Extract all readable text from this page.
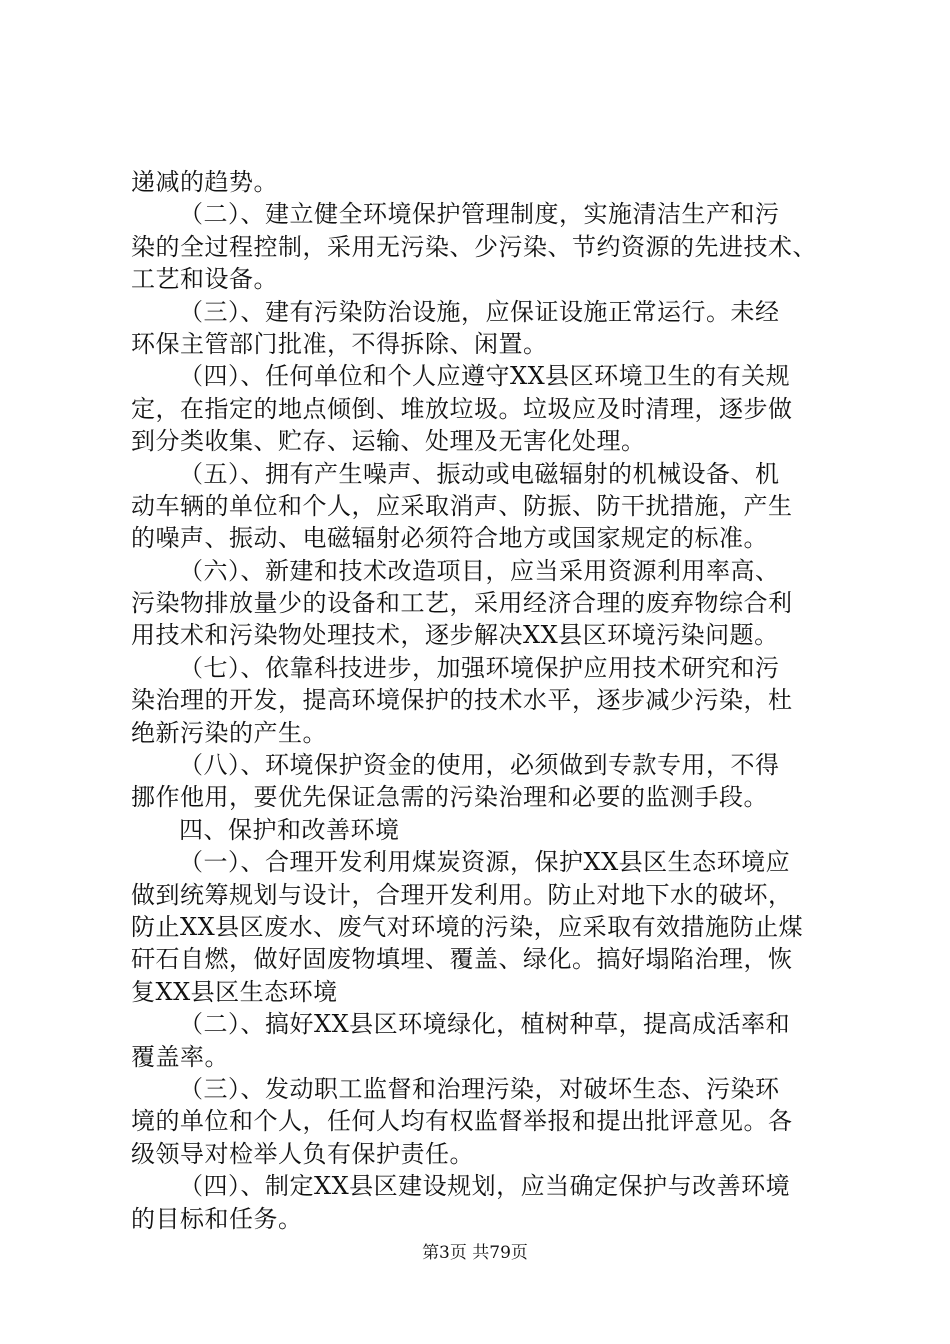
递减的趋势。
（二）、建立健全环境保护管理制度，实施清洁生产和污
染的全过程控制，采用无污染、少污染、节约资源的先进技术、
工艺和设备。
（三）、建有污染防治设施，应保证设施正常运行。未经
环保主管部门批准，不得拆除、闲置。
（四）、任何单位和个人应遵守XX县区环境卫生的有关规
定，在指定的地点倾倒、堆放垃圾。垃圾应及时清理，逐步做
到分类收集、贮存、运输、处理及无害化处理。
（五）、拥有产生噪声、振动或电磁辐射的机械设备、机
动车辆的单位和个人，应采取消声、防振、防干扰措施，产生
的噪声、振动、电磁辐射必须符合地方或国家规定的标准。
（六）、新建和技术改造项目，应当采用资源利用率高、
污染物排放量少的设备和工艺，采用经济合理的废弃物综合利
用技术和污染物处理技术，逐步解决XX县区环境污染问题。
（七）、依靠科技进步，加强环境保护应用技术研究和污
染治理的开发，提高环境保护的技术水平，逐步减少污染，杜
绝新污染的产生。
（八）、环境保护资金的使用，必须做到专款专用，不得
挪作他用，要优先保证急需的污染治理和必要的监测手段。
四、保护和改善环境
（一）、合理开发利用煤炭资源，保护XX县区生态环境应
做到统筹规划与设计，合理开发利用。防止对地下水的破坏，
防止XX县区废水、废气对环境的污染，应采取有效措施防止煤
矸石自燃，做好固废物填埋、覆盖、绿化。搞好塌陷治理，恢
复XX县区生态环境
（二）、搞好XX县区环境绿化，植树种草，提高成活率和
覆盖率。
（三）、发动职工监督和治理污染，对破坏生态、污染环
境的单位和个人，任何人均有权监督举报和提出批评意见。各
级领导对检举人负有保护责任。
（四）、制定XX县区建设规划，应当确定保护与改善环境
的目标和任务。
第3页 共79页
